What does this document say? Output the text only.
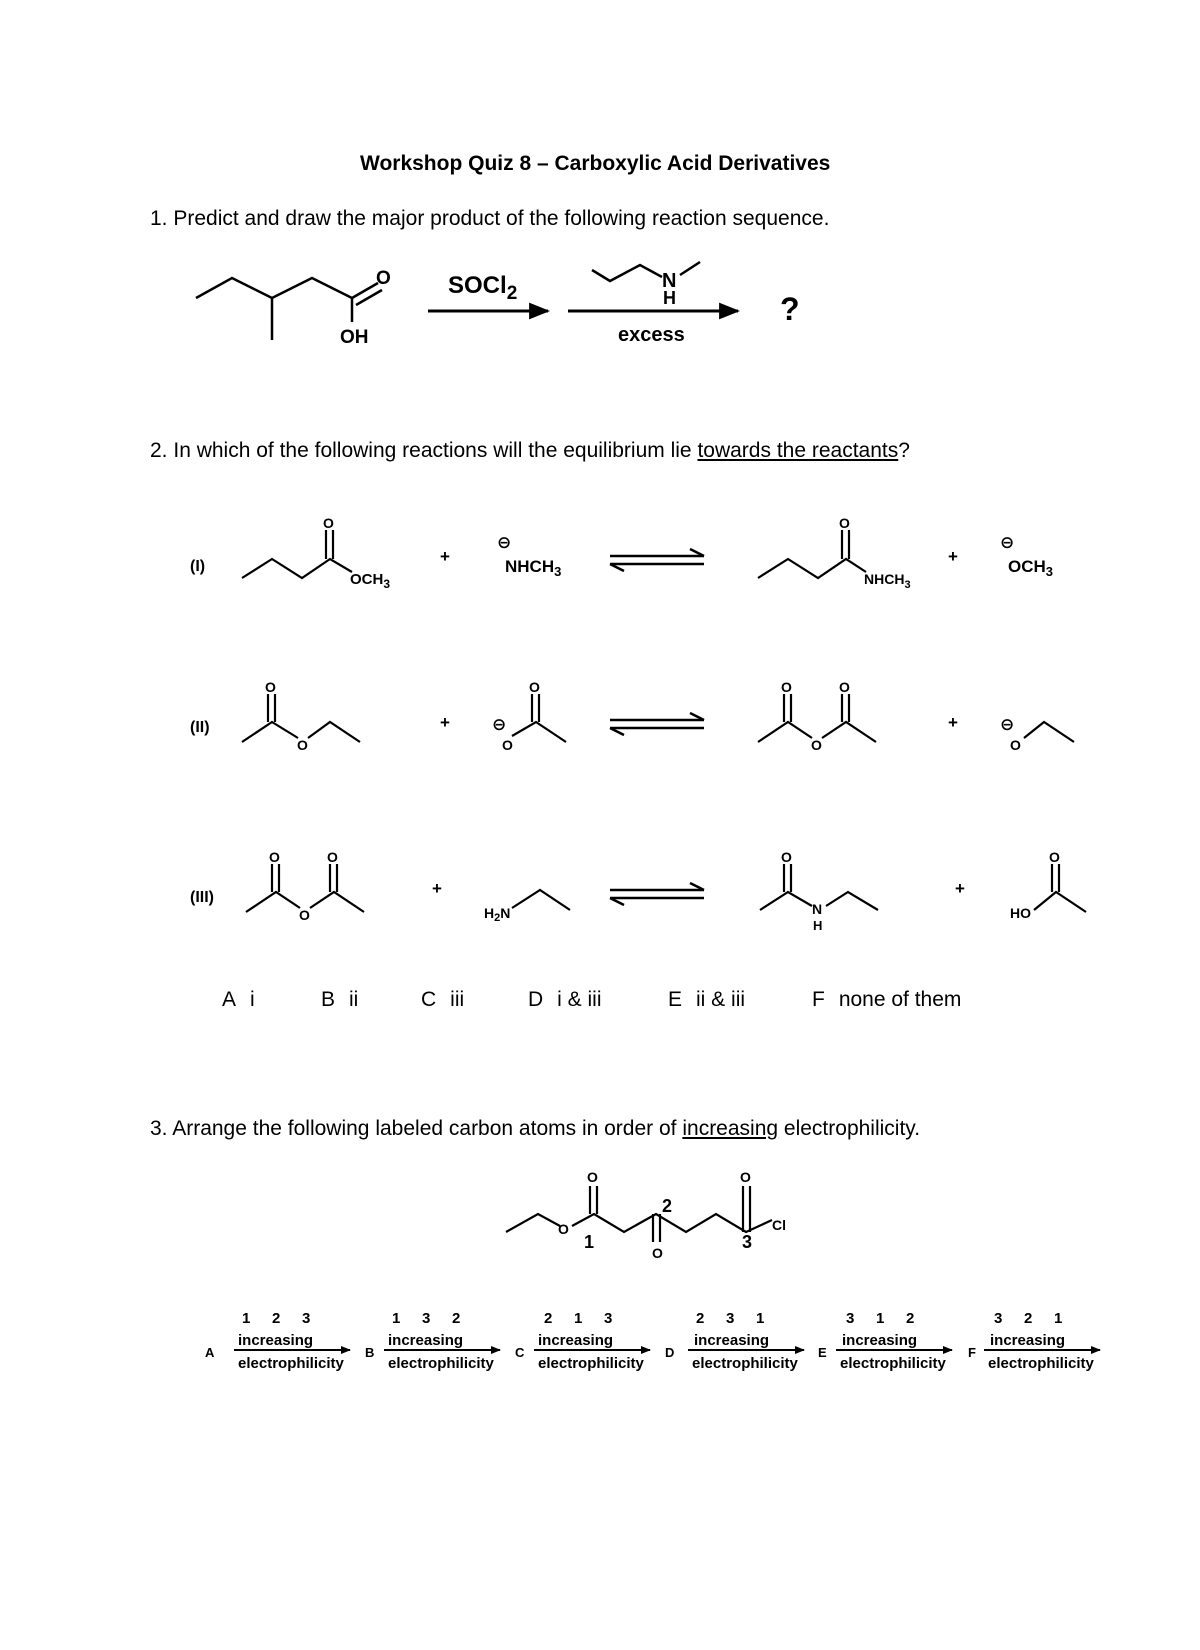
Workshop Quiz 8 – Carboxylic Acid Derivatives
1. Predict and draw the major product of the following reaction sequence.
2. In which of the following reactions will the equilibrium lie towards the reactants?
A i	B ii	C iii	D i & iii	E ii & iii	F none of them
3. Arrange the following labeled carbon atoms in order of increasing electrophilicity.
O
OH
SOCl$_2$
N
H
excess
?
(I)
O
$OCH_3$
+
⊖
$NHCH_3$
O
$NHCH_3$
+
⊖
$OCH_3$
(II)
O
O
+ ⊖
O
O
O	O
O
+ ⊖
O
(III)
O	O
O
+
$H_2N$
O
N
H
+
HO
O
O
O
O
O
Cl
1
2
3
A
1 2 3
increasing
electrophilicity
B
1 3 2
increasing
electrophilicity
C
2 1 3
increasing
electrophilicity
D
2 3 1
increasing
electrophilicity
E
3 1 2
increasing
electrophilicity
F
3 2 1
increasing
electrophilicity
